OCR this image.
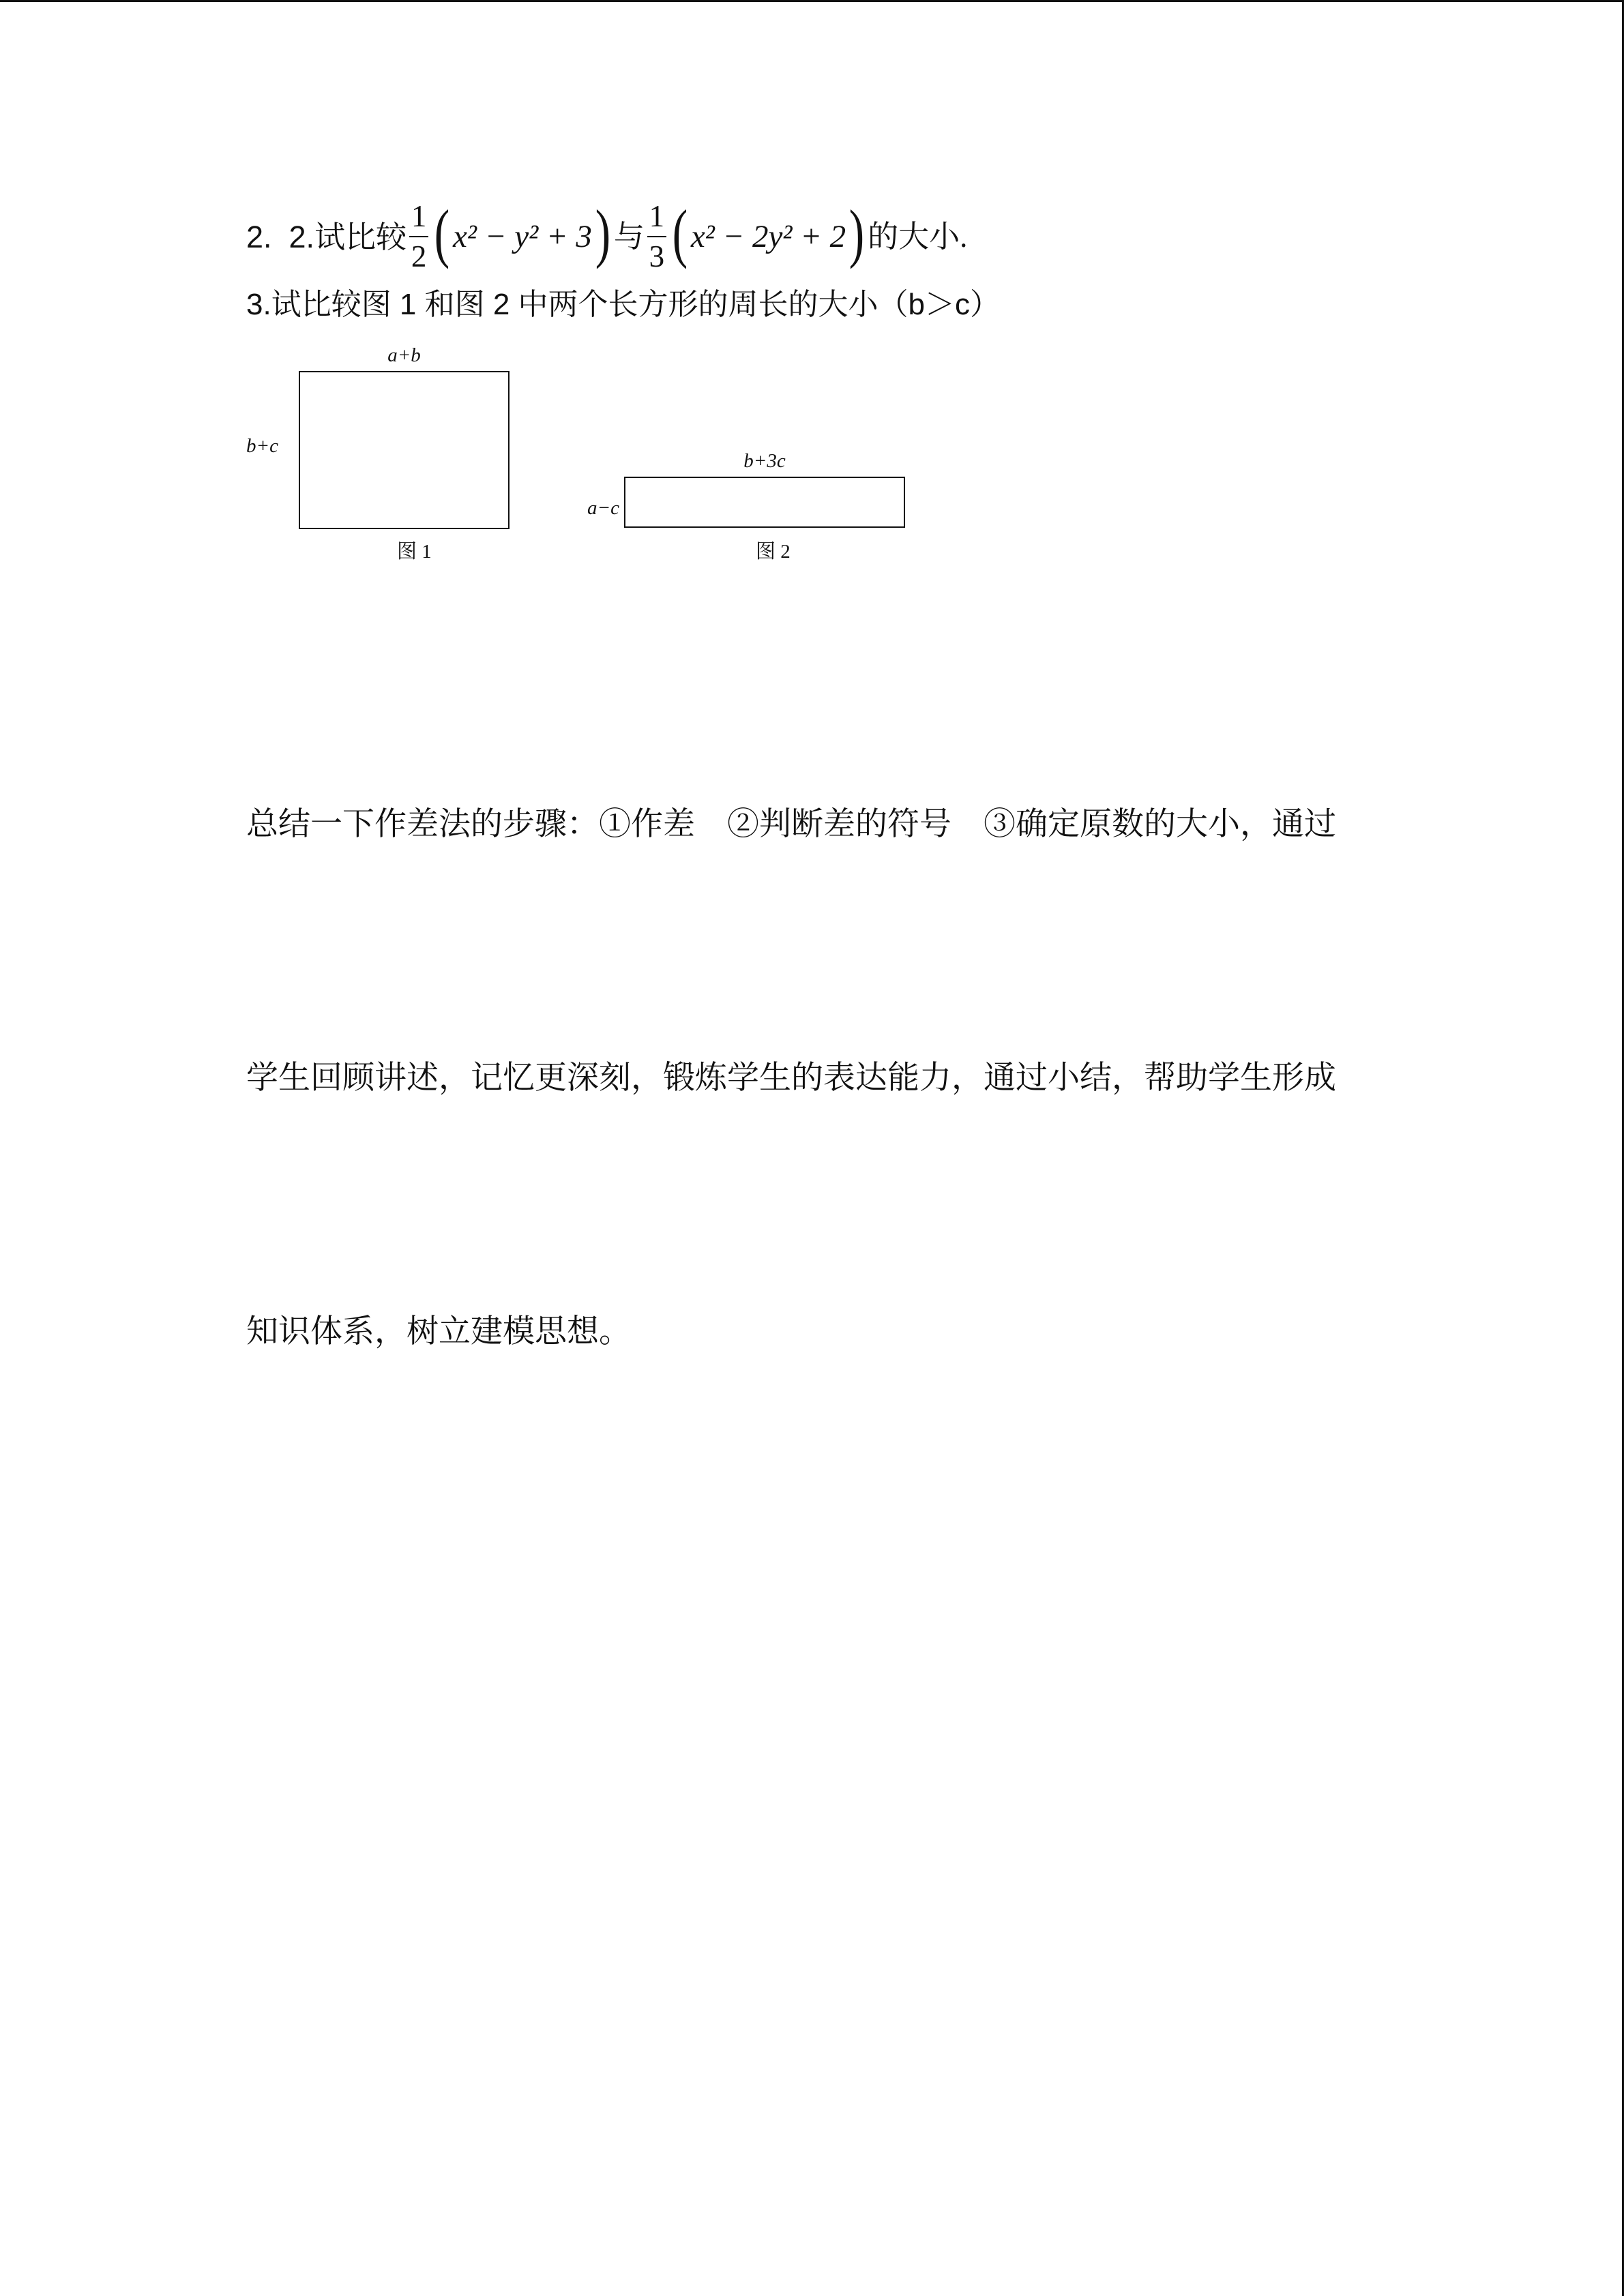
2.  2.试比较 $\frac{1}{2}$ ( x² − y² + 3 ) 与 $\frac{1}{3}$ ( x² − 2y² + 2 ) 的大小.
3.试比较图 1 和图 2 中两个长方形的周长的大小（b＞c）
a+b
b+c
图 1
b+3c
a−c
图 2

总结一下作差法的步骤：①作差　②判断差的符号　③确定原数的大小，通过

学生回顾讲述，记忆更深刻，锻炼学生的表达能力，通过小结，帮助学生形成

知识体系，树立建模思想。
